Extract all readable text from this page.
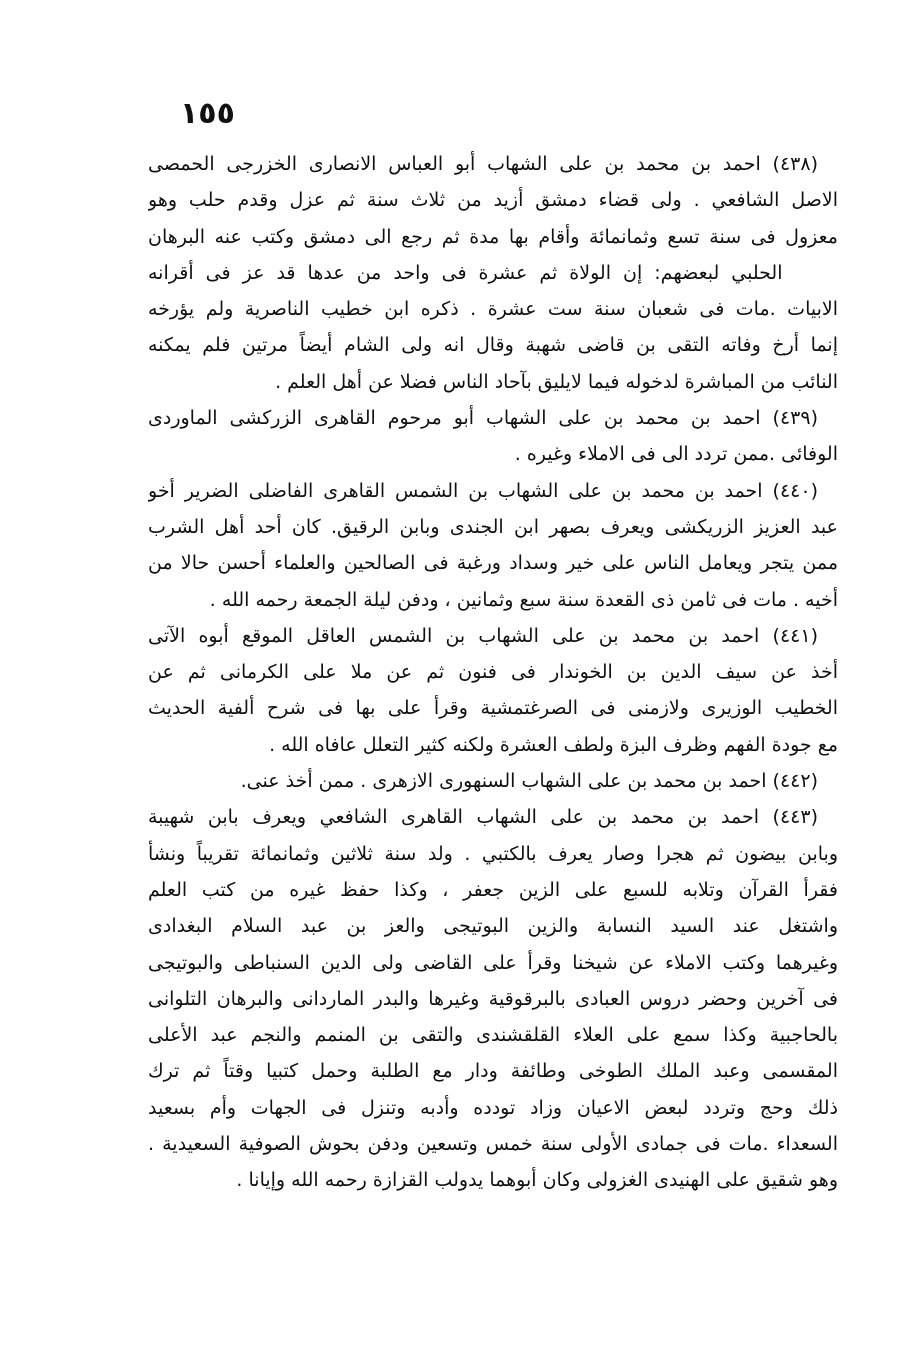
١٥٥
(٤٣٨) احمد بن محمد بن على الشهاب أبو العباس الانصارى الخزرجى الحمصى
الاصل الشافعي . ولى قضاء دمشق أزيد من ثلاث سنة ثم عزل وقدم حلب وهو
معزول فى سنة تسع وثمانمائة وأقام بها مدة ثم رجع الى دمشق وكتب عنه البرهان
الحلبي لبعضهم: إن الولاة ثم عشرة فى واحد من عدها قد عز فى أقرانه
الابيات .مات فى شعبان سنة ست عشرة . ذكره ابن خطيب الناصرية ولم يؤرخه
إنما أرخ وفاته التقى بن قاضى شهبة وقال انه ولى الشام أيضاً مرتين فلم يمكنه
النائب من المباشرة لدخوله فيما لايليق بآحاد الناس فضلا عن أهل العلم .
(٤٣٩) احمد بن محمد بن على الشهاب أبو مرحوم القاهرى الزركشى الماوردى
الوفائى .ممن تردد الى فى الاملاء وغيره .
(٤٤٠) احمد بن محمد بن على الشهاب بن الشمس القاهرى الفاضلى الضرير أخو
عبد العزيز الزريكشى ويعرف بصهر ابن الجندى وبابن الرقيق. كان أحد أهل الشرب
ممن يتجر ويعامل الناس على خير وسداد ورغبة فى الصالحين والعلماء أحسن حالا من
أخيه . مات فى ثامن ذى القعدة سنة سبع وثمانين ، ودفن ليلة الجمعة رحمه الله .
(٤٤١) احمد بن محمد بن على الشهاب بن الشمس العاقل الموقع أبوه الآتى
أخذ عن سيف الدين بن الخوندار فى فنون ثم عن ملا على الكرمانى ثم عن
الخطيب الوزيرى ولازمنى فى الصرغتمشية وقرأ على بها فى شرح ألفية الحديث
مع جودة الفهم وظرف البزة ولطف العشرة ولكنه كثير التعلل عافاه الله .
(٤٤٢) احمد بن محمد بن على الشهاب السنهورى الازهرى . ممن أخذ عنى.
(٤٤٣) احمد بن محمد بن على الشهاب القاهرى الشافعي ويعرف بابن شهيبة
وبابن بيضون ثم هجرا وصار يعرف بالكتبي . ولد سنة ثلاثين وثمانمائة تقريباً ونشأ
فقرأ القرآن وتلابه للسبع على الزين جعفر ، وكذا حفظ غيره من كتب العلم
واشتغل عند السيد النسابة والزين البوتيجى والعز بن عبد السلام البغدادى
وغيرهما وكتب الاملاء عن شيخنا وقرأ على القاضى ولى الدين السنباطى والبوتيجى
فى آخرين وحضر دروس العبادى بالبرقوقية وغيرها والبدر الماردانى والبرهان التلوانى
بالحاجبية وكذا سمع على العلاء القلقشندى والتقى بن المنمم والنجم عبد الأعلى
المقسمى وعبد الملك الطوخى وطائفة ودار مع الطلبة وحمل كتبيا وقتاً ثم ترك
ذلك وحج وتردد لبعض الاعيان وزاد تودده وأدبه وتنزل فى الجهات وأم بسعيد
السعداء .مات فى جمادى الأولى سنة خمس وتسعين ودفن بحوش الصوفية السعيدية .
وهو شقيق على الهنيدى الغزولى وكان أبوهما يدولب القزازة رحمه الله وإيانا .
